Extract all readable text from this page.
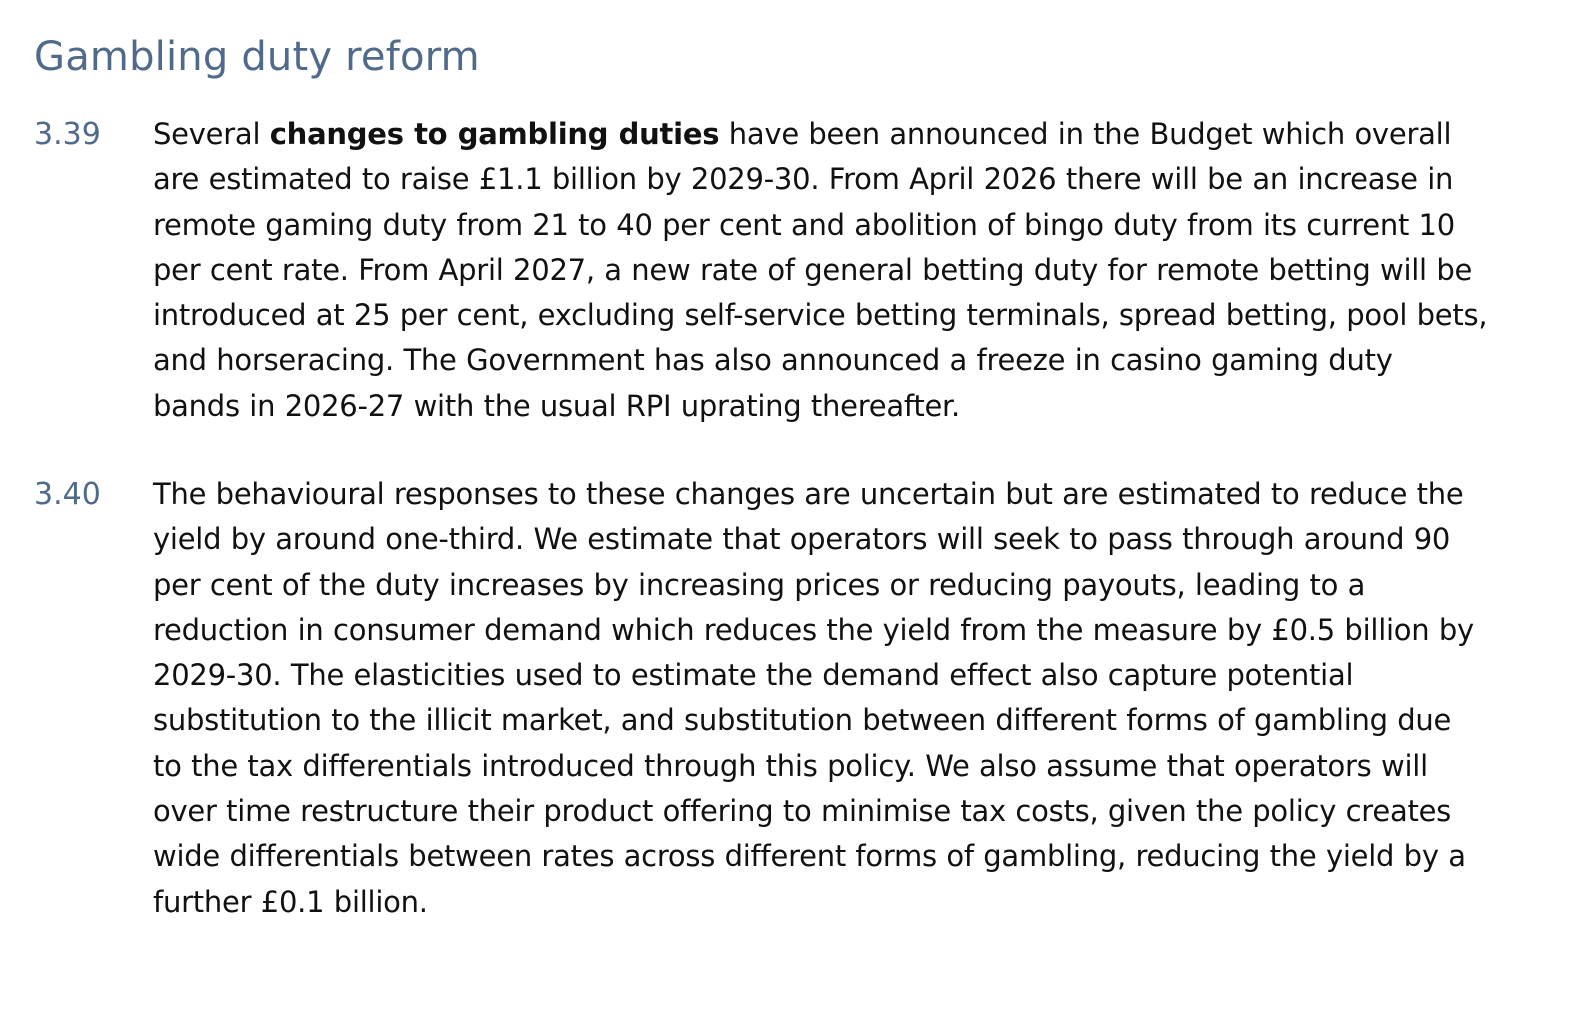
Gambling duty reform
3.39 Several changes to gambling duties have been announced in the Budget which overall are estimated to raise £1.1 billion by 2029-30. From April 2026 there will be an increase in remote gaming duty from 21 to 40 per cent and abolition of bingo duty from its current 10 per cent rate. From April 2027, a new rate of general betting duty for remote betting will be introduced at 25 per cent, excluding self-service betting terminals, spread betting, pool bets, and horseracing. The Government has also announced a freeze in casino gaming duty bands in 2026-27 with the usual RPI uprating thereafter.

3.40 The behavioural responses to these changes are uncertain but are estimated to reduce the yield by around one-third. We estimate that operators will seek to pass through around 90 per cent of the duty increases by increasing prices or reducing payouts, leading to a reduction in consumer demand which reduces the yield from the measure by £0.5 billion by 2029-30. The elasticities used to estimate the demand effect also capture potential substitution to the illicit market, and substitution between different forms of gambling due to the tax differentials introduced through this policy. We also assume that operators will over time restructure their product offering to minimise tax costs, given the policy creates wide differentials between rates across different forms of gambling, reducing the yield by a further £0.1 billion.
